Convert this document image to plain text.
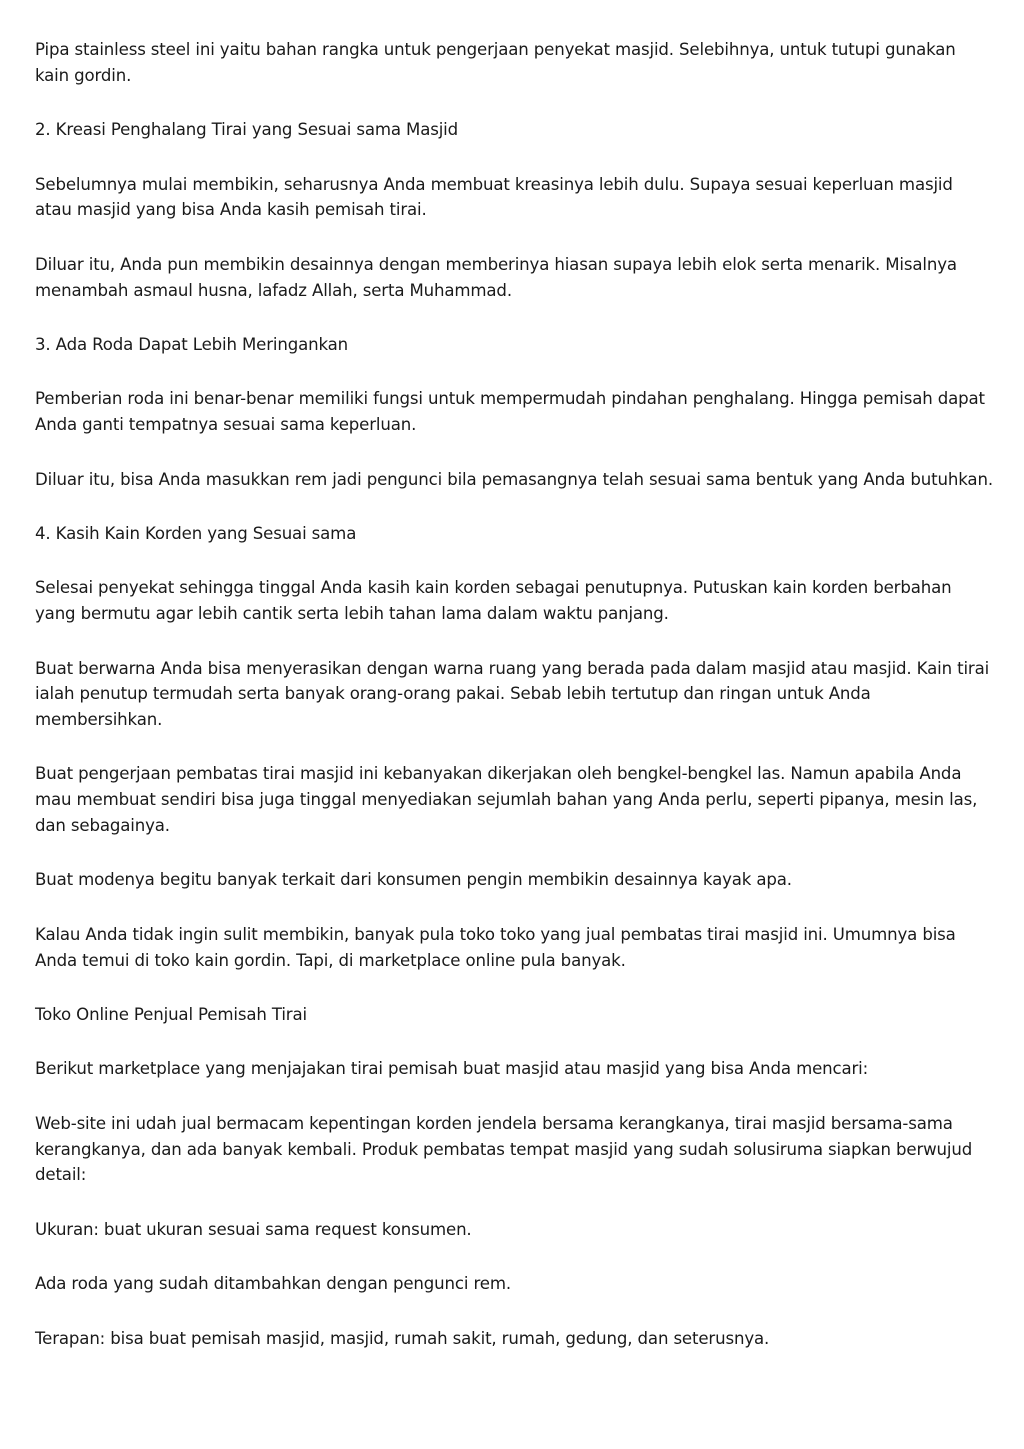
Pipa stainless steel ini yaitu bahan rangka untuk pengerjaan penyekat masjid. Selebihnya, untuk tutupi gunakan kain gordin.

2. Kreasi Penghalang Tirai yang Sesuai sama Masjid

Sebelumnya mulai membikin, seharusnya Anda membuat kreasinya lebih dulu. Supaya sesuai keperluan masjid atau masjid yang bisa Anda kasih pemisah tirai.

Diluar itu, Anda pun membikin desainnya dengan memberinya hiasan supaya lebih elok serta menarik. Misalnya menambah asmaul husna, lafadz Allah, serta Muhammad.

3. Ada Roda Dapat Lebih Meringankan

Pemberian roda ini benar-benar memiliki fungsi untuk mempermudah pindahan penghalang. Hingga pemisah dapat Anda ganti tempatnya sesuai sama keperluan.

Diluar itu, bisa Anda masukkan rem jadi pengunci bila pemasangnya telah sesuai sama bentuk yang Anda butuhkan.

4. Kasih Kain Korden yang Sesuai sama

Selesai penyekat sehingga tinggal Anda kasih kain korden sebagai penutupnya. Putuskan kain korden berbahan yang bermutu agar lebih cantik serta lebih tahan lama dalam waktu panjang.

Buat berwarna Anda bisa menyerasikan dengan warna ruang yang berada pada dalam masjid atau masjid. Kain tirai ialah penutup termudah serta banyak orang-orang pakai. Sebab lebih tertutup dan ringan untuk Anda membersihkan.

Buat pengerjaan pembatas tirai masjid ini kebanyakan dikerjakan oleh bengkel-bengkel las. Namun apabila Anda mau membuat sendiri bisa juga tinggal menyediakan sejumlah bahan yang Anda perlu, seperti pipanya, mesin las, dan sebagainya.

Buat modenya begitu banyak terkait dari konsumen pengin membikin desainnya kayak apa.

Kalau Anda tidak ingin sulit membikin, banyak pula toko toko yang jual pembatas tirai masjid ini. Umumnya bisa Anda temui di toko kain gordin. Tapi, di marketplace online pula banyak.

Toko Online Penjual Pemisah Tirai

Berikut marketplace yang menjajakan tirai pemisah buat masjid atau masjid yang bisa Anda mencari:

Web-site ini udah jual bermacam kepentingan korden jendela bersama kerangkanya, tirai masjid bersama-sama kerangkanya, dan ada banyak kembali. Produk pembatas tempat masjid yang sudah solusiruma siapkan berwujud detail:

Ukuran: buat ukuran sesuai sama request konsumen.

Ada roda yang sudah ditambahkan dengan pengunci rem.

Terapan: bisa buat pemisah masjid, masjid, rumah sakit, rumah, gedung, dan seterusnya.
